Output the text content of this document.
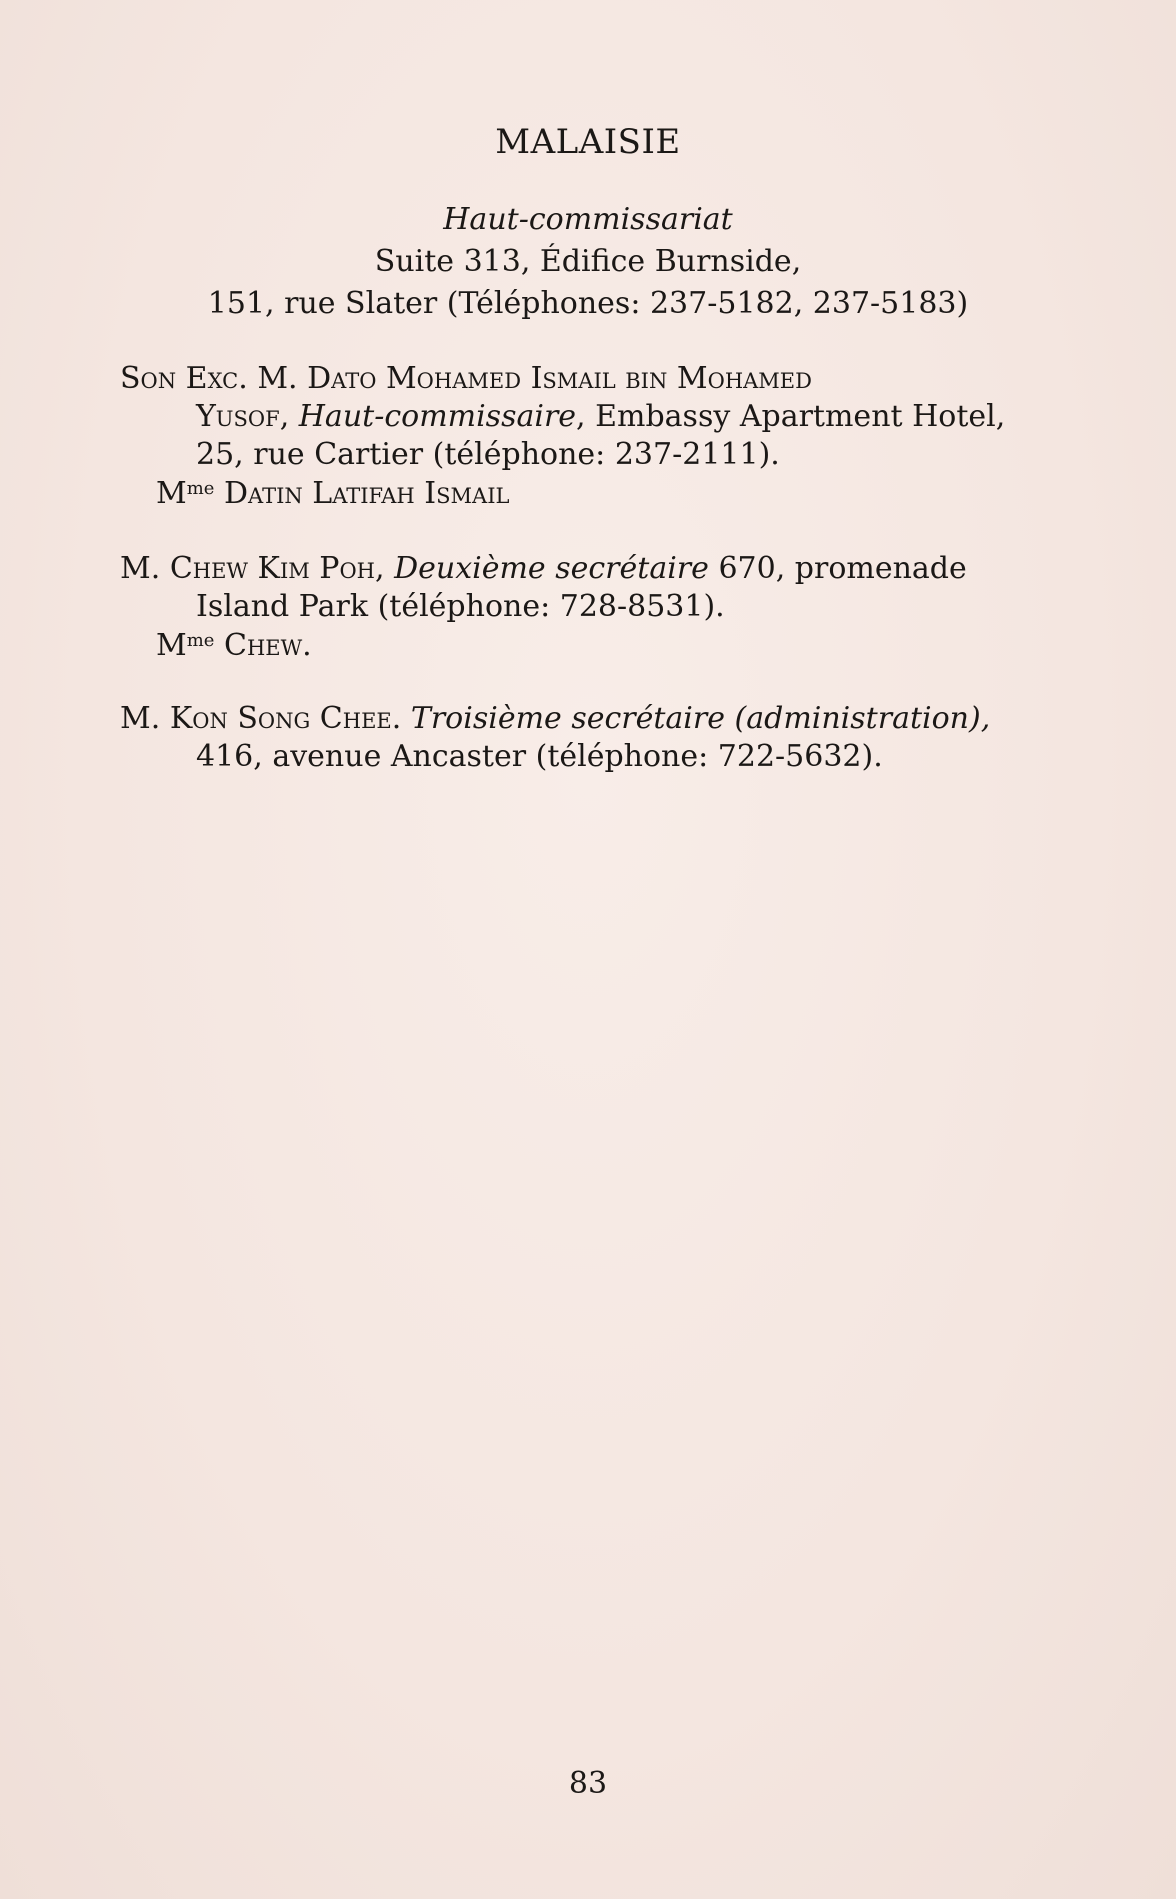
MALAISIE
Haut-commissariat
Suite 313, Édifice Burnside,
151, rue Slater (Téléphones: 237-5182, 237-5183)
Son Exc. M. Dato Mohamed Ismail bin Mohamed
Yusof, Haut-commissaire, Embassy Apartment Hotel,
25, rue Cartier (téléphone: 237-2111).
$M^{me}$ Datin Latifah Ismail
M. Chew Kim Poh, Deuxième secrétaire 670, promenade
Island Park (téléphone: 728-8531).
$M^{me}$ Chew.
M. Kon Song Chee. Troisième secrétaire (administration),
416, avenue Ancaster (téléphone: 722-5632).
83
